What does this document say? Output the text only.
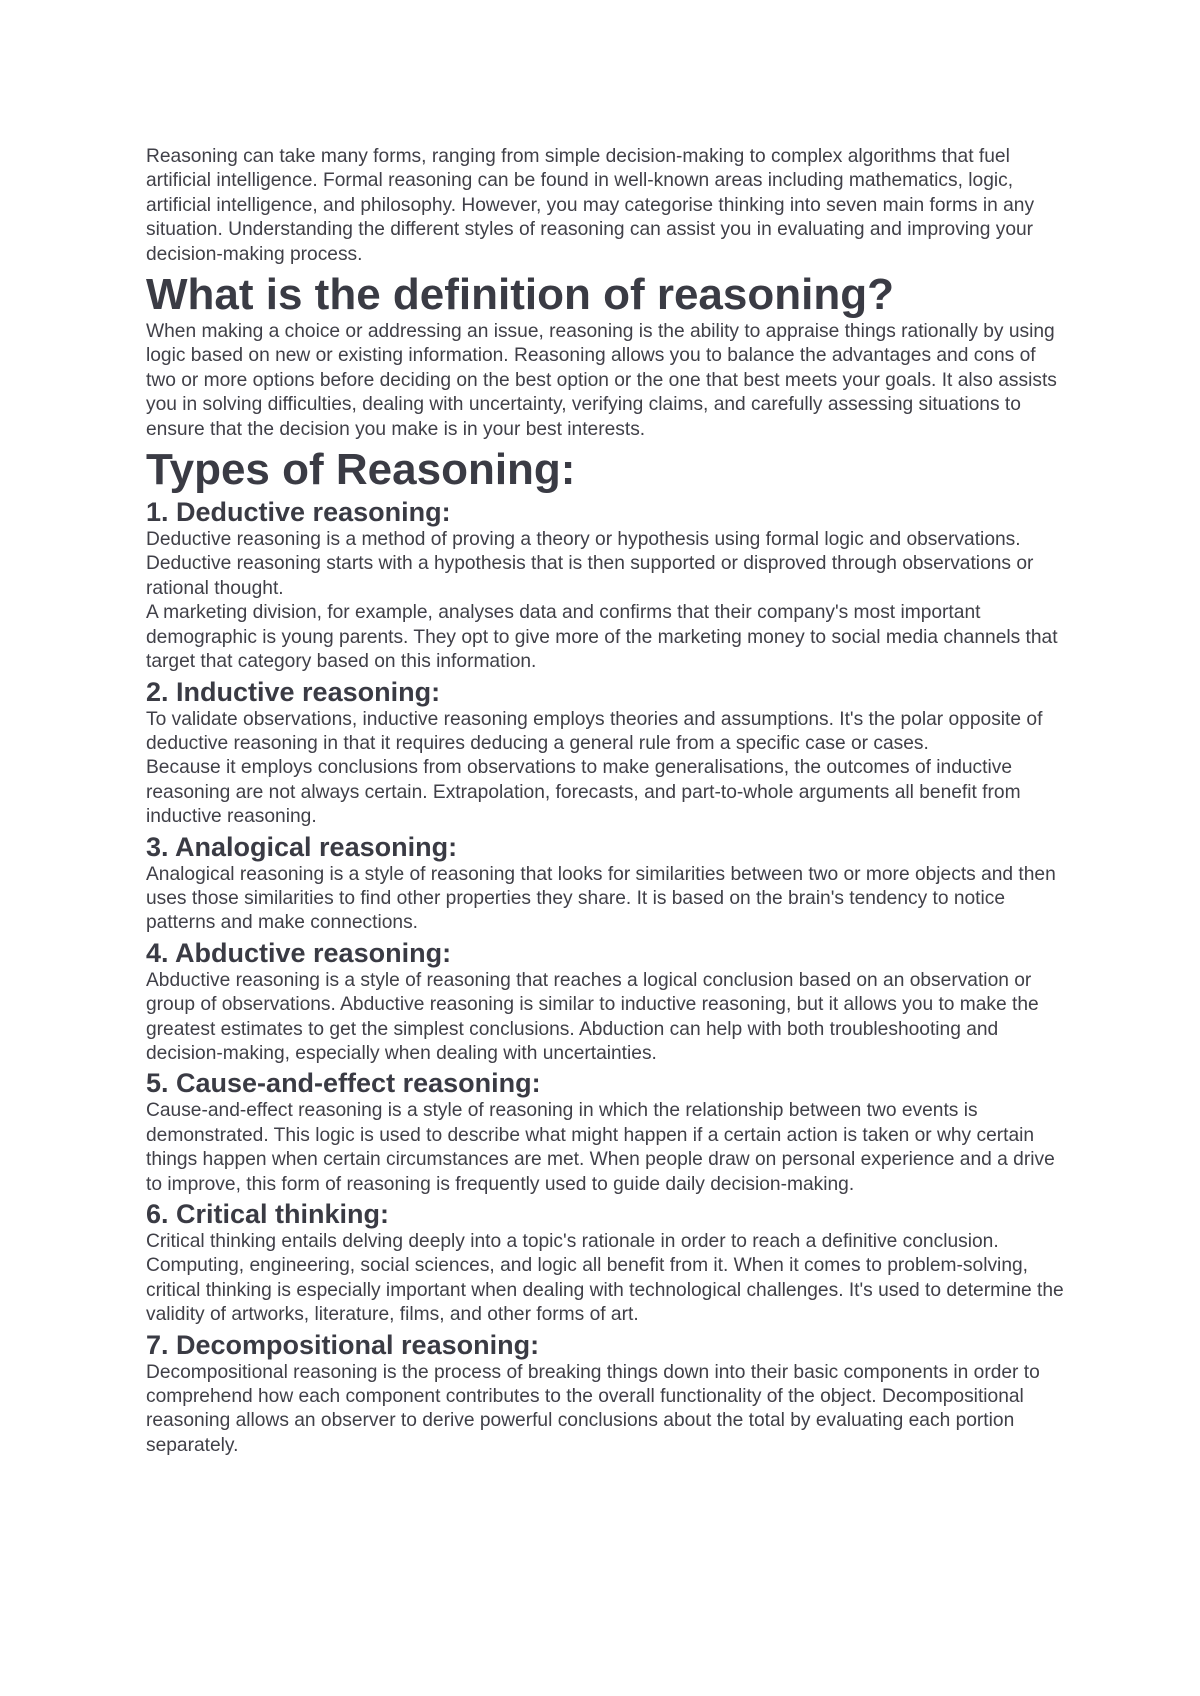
Reasoning can take many forms, ranging from simple decision-making to complex algorithms that fuel artificial intelligence. Formal reasoning can be found in well-known areas including mathematics, logic, artificial intelligence, and philosophy. However, you may categorise thinking into seven main forms in any situation. Understanding the different styles of reasoning can assist you in evaluating and improving your decision-making process.

What is the definition of reasoning?

When making a choice or addressing an issue, reasoning is the ability to appraise things rationally by using logic based on new or existing information. Reasoning allows you to balance the advantages and cons of two or more options before deciding on the best option or the one that best meets your goals. It also assists you in solving difficulties, dealing with uncertainty, verifying claims, and carefully assessing situations to ensure that the decision you make is in your best interests.

Types of Reasoning:
1. Deductive reasoning:

Deductive reasoning is a method of proving a theory or hypothesis using formal logic and observations. Deductive reasoning starts with a hypothesis that is then supported or disproved through observations or rational thought.

A marketing division, for example, analyses data and confirms that their company's most important demographic is young parents. They opt to give more of the marketing money to social media channels that target that category based on this information.

2. Inductive reasoning:

To validate observations, inductive reasoning employs theories and assumptions. It's the polar opposite of deductive reasoning in that it requires deducing a general rule from a specific case or cases.

Because it employs conclusions from observations to make generalisations, the outcomes of inductive reasoning are not always certain. Extrapolation, forecasts, and part-to-whole arguments all benefit from inductive reasoning.

3. Analogical reasoning:

Analogical reasoning is a style of reasoning that looks for similarities between two or more objects and then uses those similarities to find other properties they share. It is based on the brain's tendency to notice patterns and make connections.

4. Abductive reasoning:

Abductive reasoning is a style of reasoning that reaches a logical conclusion based on an observation or group of observations. Abductive reasoning is similar to inductive reasoning, but it allows you to make the greatest estimates to get the simplest conclusions. Abduction can help with both troubleshooting and decision-making, especially when dealing with uncertainties.

5. Cause-and-effect reasoning:

Cause-and-effect reasoning is a style of reasoning in which the relationship between two events is demonstrated. This logic is used to describe what might happen if a certain action is taken or why certain things happen when certain circumstances are met. When people draw on personal experience and a drive to improve, this form of reasoning is frequently used to guide daily decision-making.

6. Critical thinking:

Critical thinking entails delving deeply into a topic's rationale in order to reach a definitive conclusion. Computing, engineering, social sciences, and logic all benefit from it. When it comes to problem-solving, critical thinking is especially important when dealing with technological challenges. It's used to determine the validity of artworks, literature, films, and other forms of art.

7. Decompositional reasoning:

Decompositional reasoning is the process of breaking things down into their basic components in order to comprehend how each component contributes to the overall functionality of the object. Decompositional reasoning allows an observer to derive powerful conclusions about the total by evaluating each portion separately.
